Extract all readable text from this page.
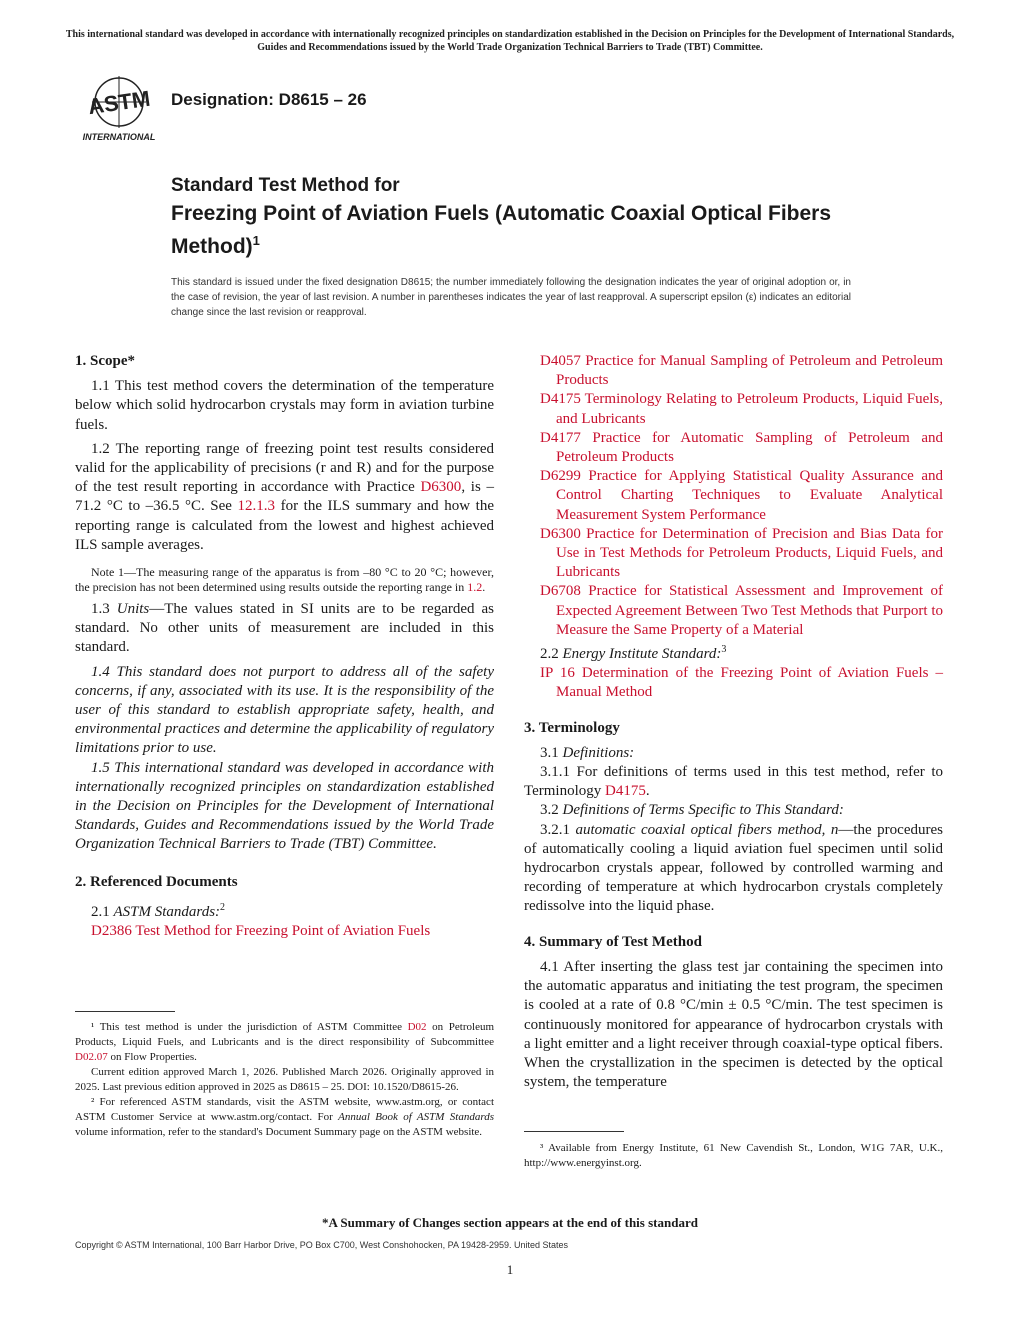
This international standard was developed in accordance with internationally recognized principles on standardization established in the Decision on Principles for the Development of International Standards, Guides and Recommendations issued by the World Trade Organization Technical Barriers to Trade (TBT) Committee.
ASTM
INTERNATIONAL
Designation: D8615 – 26
Standard Test Method for
Freezing Point of Aviation Fuels (Automatic Coaxial Optical Fibers Method)$^1$
This standard is issued under the fixed designation D8615; the number immediately following the designation indicates the year of original adoption or, in the case of revision, the year of last revision. A number in parentheses indicates the year of last reapproval. A superscript epsilon (ε) indicates an editorial change since the last revision or reapproval.

1. Scope*

1.1 This test method covers the determination of the temperature below which solid hydrocarbon crystals may form in aviation turbine fuels.

1.2 The reporting range of freezing point test results considered valid for the applicability of precisions (r and R) and for the purpose of the test result reporting in accordance with Practice D6300, is –71.2 °C to –36.5 °C. See 12.1.3 for the ILS summary and how the reporting range is calculated from the lowest and highest achieved ILS sample averages.

Note 1—The measuring range of the apparatus is from –80 °C to 20 °C; however, the precision has not been determined using results outside the reporting range in 1.2.

1.3 Units—The values stated in SI units are to be regarded as standard. No other units of measurement are included in this standard.

1.4 This standard does not purport to address all of the safety concerns, if any, associated with its use. It is the responsibility of the user of this standard to establish appropriate safety, health, and environmental practices and determine the applicability of regulatory limitations prior to use.

1.5 This international standard was developed in accordance with internationally recognized principles on standardization established in the Decision on Principles for the Development of International Standards, Guides and Recommendations issued by the World Trade Organization Technical Barriers to Trade (TBT) Committee.

2. Referenced Documents

2.1 ASTM Standards:$^2$

D2386 Test Method for Freezing Point of Aviation Fuels

¹ This test method is under the jurisdiction of ASTM Committee D02 on Petroleum Products, Liquid Fuels, and Lubricants and is the direct responsibility of Subcommittee D02.07 on Flow Properties.

Current edition approved March 1, 2026. Published March 2026. Originally approved in 2025. Last previous edition approved in 2025 as D8615 – 25. DOI: 10.1520/D8615-26.

² For referenced ASTM standards, visit the ASTM website, www.astm.org, or contact ASTM Customer Service at www.astm.org/contact. For Annual Book of ASTM Standards volume information, refer to the standard's Document Summary page on the ASTM website.

D4057 Practice for Manual Sampling of Petroleum and Petroleum Products

D4175 Terminology Relating to Petroleum Products, Liquid Fuels, and Lubricants

D4177 Practice for Automatic Sampling of Petroleum and Petroleum Products

D6299 Practice for Applying Statistical Quality Assurance and Control Charting Techniques to Evaluate Analytical Measurement System Performance

D6300 Practice for Determination of Precision and Bias Data for Use in Test Methods for Petroleum Products, Liquid Fuels, and Lubricants

D6708 Practice for Statistical Assessment and Improvement of Expected Agreement Between Two Test Methods that Purport to Measure the Same Property of a Material

2.2 Energy Institute Standard:$^3$

IP 16 Determination of the Freezing Point of Aviation Fuels – Manual Method

3. Terminology

3.1 Definitions:

3.1.1 For definitions of terms used in this test method, refer to Terminology D4175.

3.2 Definitions of Terms Specific to This Standard:

3.2.1 automatic coaxial optical fibers method, n—the procedures of automatically cooling a liquid aviation fuel specimen until solid hydrocarbon crystals appear, followed by controlled warming and recording of temperature at which hydrocarbon crystals completely redissolve into the liquid phase.

4. Summary of Test Method

4.1 After inserting the glass test jar containing the specimen into the automatic apparatus and initiating the test program, the specimen is cooled at a rate of 0.8 °C/min ± 0.5 °C/min. The test specimen is continuously monitored for appearance of hydrocarbon crystals with a light emitter and a light receiver through coaxial-type optical fibers. When the crystallization in the specimen is detected by the optical system, the temperature

³ Available from Energy Institute, 61 New Cavendish St., London, W1G 7AR, U.K., http://www.energyinst.org.
*A Summary of Changes section appears at the end of this standard
Copyright © ASTM International, 100 Barr Harbor Drive, PO Box C700, West Conshohocken, PA 19428-2959. United States
1
